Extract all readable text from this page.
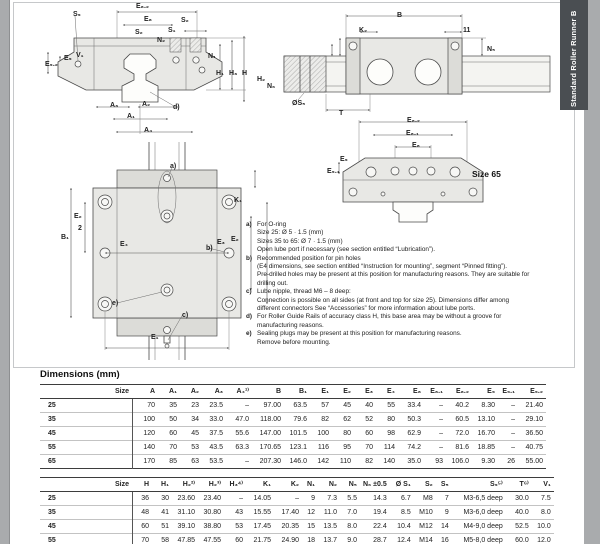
S₉
E₈.₂
E₈	S₂
S₂	S₁
N₂
N₁
V₁
E₉
E₉.₂
H₁ H₃ H
H₂
N₆
A₃	A₂	d)
A₁
A₄
B
K₂	11
N₅
ØS₅
T
E₈.₂
E₈.₁
E₈
E₉
E₉.₁	Size 65
a)
K₁
E₂
2
B₁
E₄
b)
E₃ E₂
e)
c)
E₁
a) For O-ring
Size 25: Ø 5 · 1.5 (mm)
Sizes 35 to 65: Ø 7 · 1.5 (mm)
Open lube port if necessary (see section entitled “Lubrication”).
b) Recommended position for pin holes
(E4 dimensions, see section entitled “Instruction for mounting”, segment “Pinned fitting”).
Pre-drilled holes may be present at this position for manufacturing reasons. They are suitable for
drilling out.
c) Lube nipple, thread M6 – 8 deep:
Connection is possible on all sides (at front and top for size 25). Dimensions differ among
different connectors See “Accessories” for more information about lube ports.
d) For Roller Guide Rails of accuracy class H, this base area may be without a groove for
manufacturing reasons.
e) Sealing plugs may be present at this position for manufacturing reasons.
Remove before mounting.
Dimensions (mm)
Size	A	A₁	A₂	A₃	A₄¹⁾	B	B₁	E₁	E₂	E₃	E₄	E₈	E₈.₁	E₈.₂	E₉	E₉.₁	E₉.₂
25	70	35	23	23.5	–	97.00	63.5	57	45	40	55	33.4	–	40.2	8.30	–	21.40
35	100	50	34	33.0	47.0	118.00	79.6	82	62	52	80	50.3	–	60.5	13.10	–	29.10
45	120	60	45	37.5	55.6	147.00	101.5	100	80	60	98	62.9	–	72.0	16.70	–	36.50
55	140	70	53	43.5	63.3	170.65	123.1	116	95	70	114	74.2	–	81.6	18.85	–	40.75
65	170	85	63	53.5	–	207.30	146.0	142	110	82	140	35.0	93	106.0	9.30	26	55.00
Size	H	H₁	H₂²⁾	H₂³⁾	H₃⁴⁾	K₁	K₂	N₁	N₂	N₅	N₆ ±0.5	Ø S₁	S₂	S₅	S₉⁵⁾	T⁶⁾	V₁
25	36	30	23.60	23.40	–	14.05	–	9	7.3	5.5	14.3	6.7	M8	7	M3-6,5 deep	30.0	7.5
35	48	41	31.10	30.80	43	15.55	17.40	12	11.0	7.0	19.4	8.5	M10	9	M3-6,0 deep	40.0	8.0
45	60	51	39.10	38.80	53	17.45	20.35	15	13.5	8.0	22.4	10.4	M12	14	M4-9,0 deep	52.5	10.0
55	70	58	47.85	47.55	60	21.75	24.90	18	13.7	9.0	28.7	12.4	M14	16	M5-8,0 deep	60.0	12.0
Standard Roller Runner B
